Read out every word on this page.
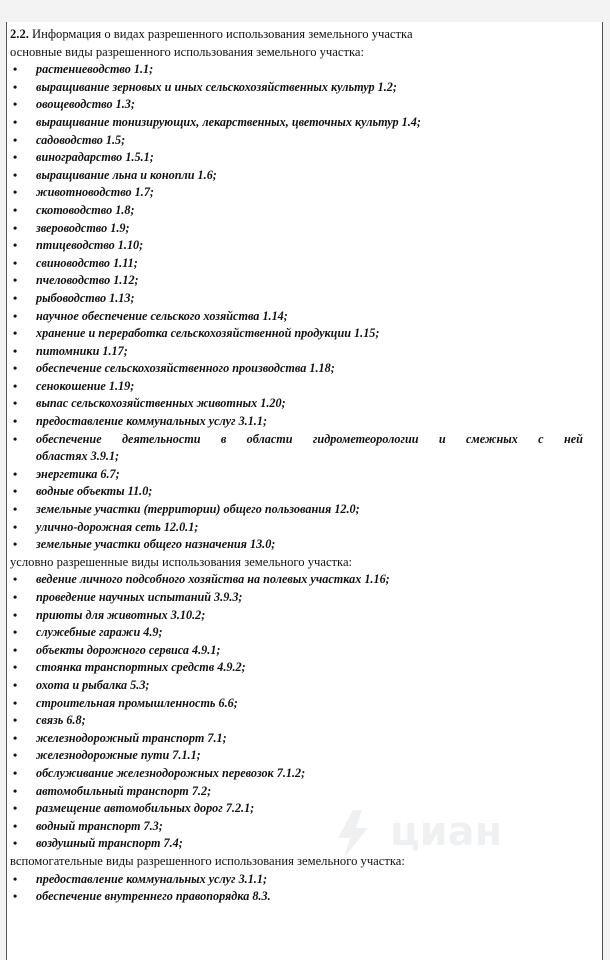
2.2. Информация о видах разрешенного использования земельного участка
основные виды разрешенного использования земельного участка:
• растениеводство 1.1;
• выращивание зерновых и иных сельскохозяйственных культур 1.2;
• овощеводство 1.3;
• выращивание тонизирующих, лекарственных, цветочных культур 1.4;
• садоводство 1.5;
• виноградарство 1.5.1;
• выращивание льна и конопли 1.6;
• животноводство 1.7;
• скотоводство 1.8;
• звероводство 1.9;
• птицеводство 1.10;
• свиноводство 1.11;
• пчеловодство 1.12;
• рыбоводство 1.13;
• научное обеспечение сельского хозяйства 1.14;
• хранение и переработка сельскохозяйственной продукции 1.15;
• питомники 1.17;
• обеспечение сельскохозяйственного производства 1.18;
• сенокошение 1.19;
• выпас сельскохозяйственных животных 1.20;
• предоставление коммунальных услуг 3.1.1;
• обеспечение деятельности в области гидрометеорологии и смежных с ней
областях 3.9.1;
• энергетика 6.7;
• водные объекты 11.0;
• земельные участки (территории) общего пользования 12.0;
• улично-дорожная сеть 12.0.1;
• земельные участки общего назначения 13.0;
условно разрешенные виды использования земельного участка:
• ведение личного подсобного хозяйства на полевых участках 1.16;
• проведение научных испытаний 3.9.3;
• приюты для животных 3.10.2;
• служебные гаражи 4.9;
• объекты дорожного сервиса 4.9.1;
• стоянка транспортных средств 4.9.2;
• охота и рыбалка 5.3;
• строительная промышленность 6.6;
• связь 6.8;
• железнодорожный транспорт 7.1;
• железнодорожные пути 7.1.1;
• обслуживание железнодорожных перевозок 7.1.2;
• автомобильный транспорт 7.2;
• размещение автомобильных дорог 7.2.1;
• водный транспорт 7.3;
• воздушный транспорт 7.4;
вспомогательные виды разрешенного использования земельного участка:
• предоставление коммунальных услуг 3.1.1;
• обеспечение внутреннего правопорядка 8.3.
циан
